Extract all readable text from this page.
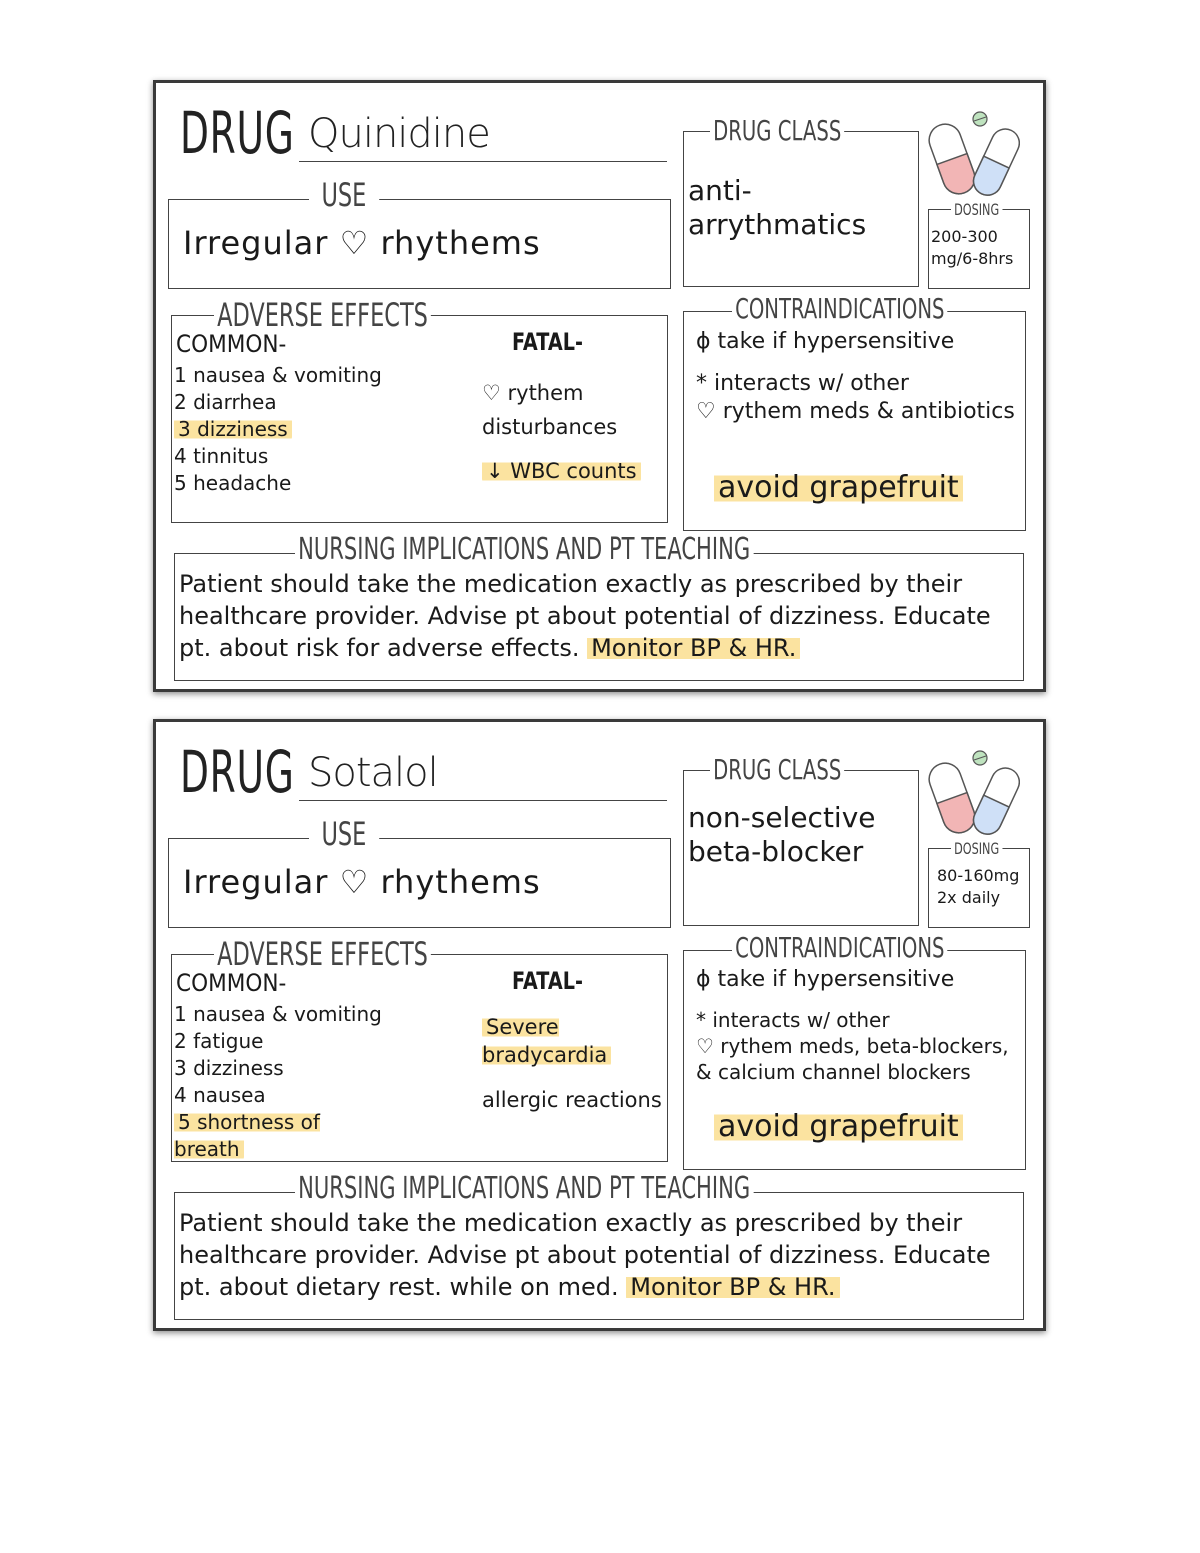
DRUG Quinidine
USE
Irregular ♡ rhythems
DRUG CLASS
anti-arrythmatics	DOSING
200-300
mg/6-8hrs
ADVERSE EFFECTS
COMMON-
1 nausea & vomiting
2 diarrhea
3 dizziness
4 tinnitus
5 headache
FATAL-
♡ rythem disturbances
↓ WBC counts
CONTRAINDICATIONS
ϕ take if hypersensitive
* interacts w/ other
♡ rythem meds & antibiotics
avoid grapefruit
NURSING IMPLICATIONS AND PT TEACHING
Patient should take the medication exactly as prescribed by their healthcare provider. Advise pt about potential of dizziness. Educate pt. about risk for adverse effects. Monitor BP & HR.
DRUG Sotalol
USE
Irregular ♡ rhythems
DRUG CLASS
non-selective
beta-blocker	DOSING
80-160mg
2x daily
ADVERSE EFFECTS
COMMON-
1 nausea & vomiting
2 fatigue
3 dizziness
4 nausea
5 shortness of breath
FATAL-
Severe bradycardia
allergic reactions
CONTRAINDICATIONS
ϕ take if hypersensitive
* interacts w/ other
♡ rythem meds, beta-blockers,
& calcium channel blockers
avoid grapefruit
NURSING IMPLICATIONS AND PT TEACHING
Patient should take the medication exactly as prescribed by their healthcare provider. Advise pt about potential of dizziness. Educate pt. about dietary rest. while on med. Monitor BP & HR.
